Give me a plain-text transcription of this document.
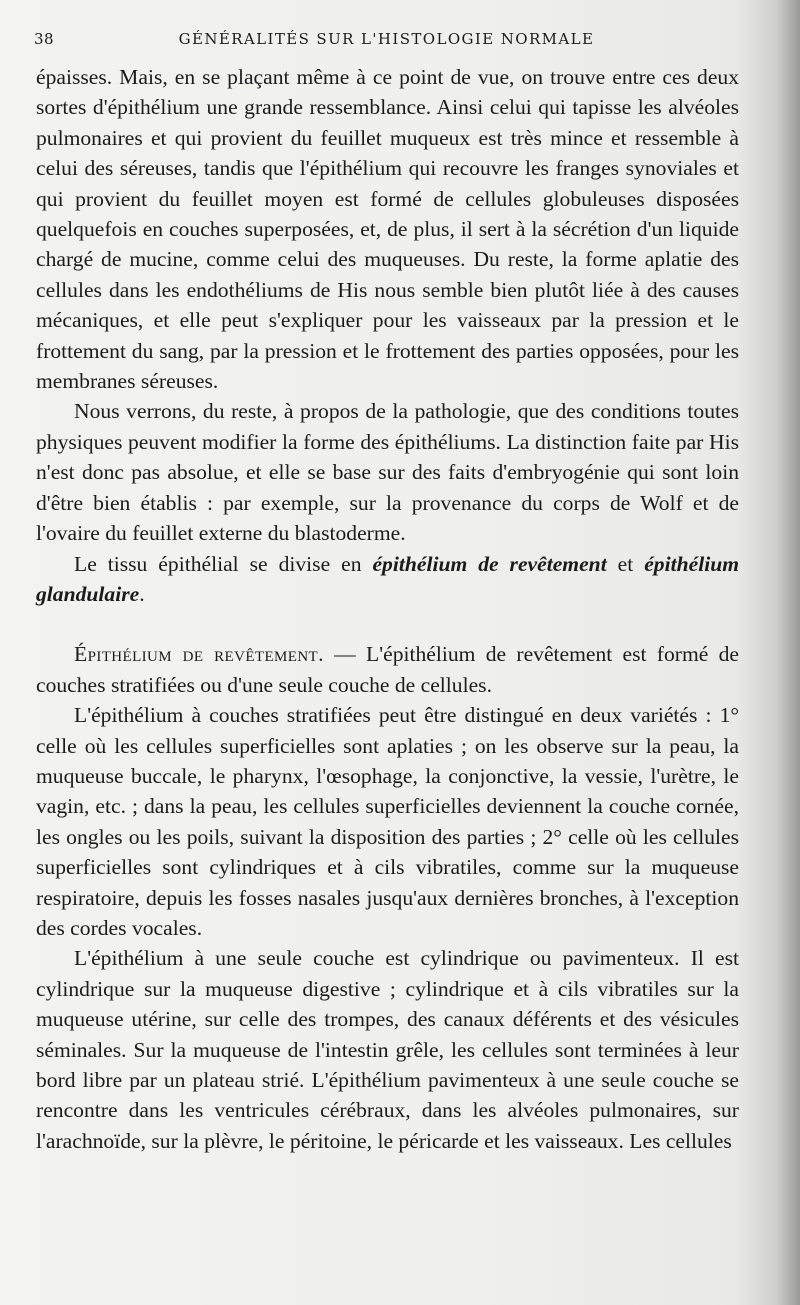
38	GÉNÉRALITÉS SUR L'HISTOLOGIE NORMALE

épaisses. Mais, en se plaçant même à ce point de vue, on trouve entre ces deux sortes d'épithélium une grande ressemblance. Ainsi celui qui tapisse les alvéoles pulmonaires et qui provient du feuillet muqueux est très mince et ressemble à celui des séreuses, tandis que l'épithélium qui recouvre les franges synoviales et qui provient du feuillet moyen est formé de cellules globuleuses disposées quelquefois en couches superposées, et, de plus, il sert à la sécrétion d'un liquide chargé de mucine, comme celui des muqueuses. Du reste, la forme aplatie des cellules dans les endothéliums de His nous semble bien plutôt liée à des causes mécaniques, et elle peut s'expliquer pour les vaisseaux par la pression et le frottement du sang, par la pression et le frottement des parties opposées, pour les membranes séreuses.

Nous verrons, du reste, à propos de la pathologie, que des conditions toutes physiques peuvent modifier la forme des épithéliums. La distinction faite par His n'est donc pas absolue, et elle se base sur des faits d'embryogénie qui sont loin d'être bien établis : par exemple, sur la provenance du corps de Wolf et de l'ovaire du feuillet externe du blastoderme.

Le tissu épithélial se divise en épithélium de revêtement et épithélium glandulaire.

Épithélium de revêtement. — L'épithélium de revêtement est formé de couches stratifiées ou d'une seule couche de cellules.

L'épithélium à couches stratifiées peut être distingué en deux variétés : 1° celle où les cellules superficielles sont aplaties ; on les observe sur la peau, la muqueuse buccale, le pharynx, l'œsophage, la conjonctive, la vessie, l'urètre, le vagin, etc. ; dans la peau, les cellules superficielles deviennent la couche cornée, les ongles ou les poils, suivant la disposition des parties ; 2° celle où les cellules superficielles sont cylindriques et à cils vibratiles, comme sur la muqueuse respiratoire, depuis les fosses nasales jusqu'aux dernières bronches, à l'exception des cordes vocales.

L'épithélium à une seule couche est cylindrique ou pavimenteux. Il est cylindrique sur la muqueuse digestive ; cylindrique et à cils vibratiles sur la muqueuse utérine, sur celle des trompes, des canaux déférents et des vésicules séminales. Sur la muqueuse de l'intestin grêle, les cellules sont terminées à leur bord libre par un plateau strié. L'épithélium pavimenteux à une seule couche se rencontre dans les ventricules cérébraux, dans les alvéoles pulmonaires, sur l'arachnoïde, sur la plèvre, le péritoine, le péricarde et les vaisseaux. Les cellules
